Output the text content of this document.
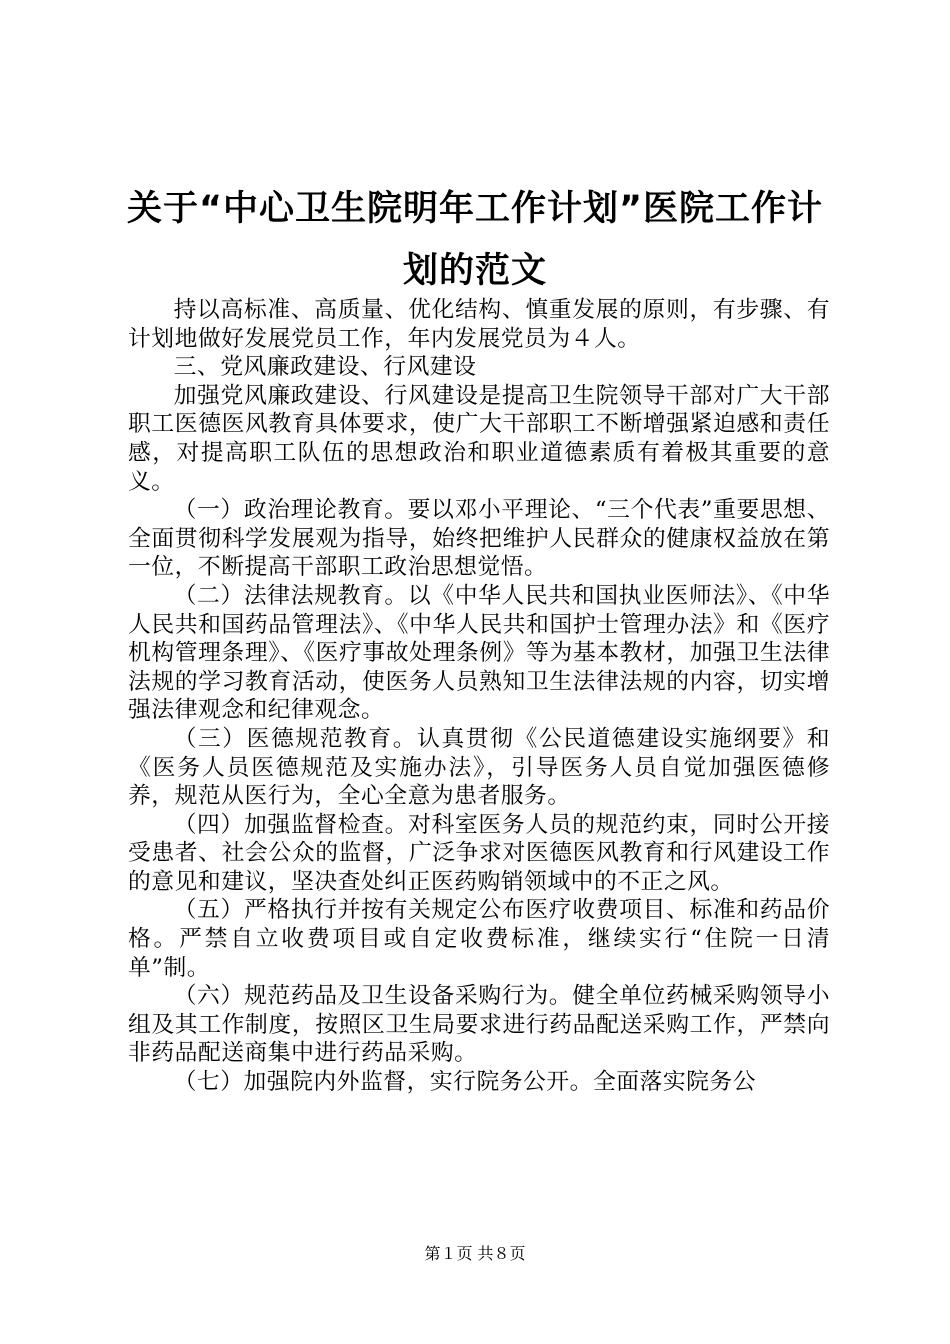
关于“中心卫生院明年工作计划”医院工作计划的范文

持以高标准、高质量、优化结构、慎重发展的原则，有步骤、有计划地做好发展党员工作，年内发展党员为４人。

三、党风廉政建设、行风建设

加强党风廉政建设、行风建设是提高卫生院领导干部对广大干部职工医德医风教育具体要求，使广大干部职工不断增强紧迫感和责任感，对提高职工队伍的思想政治和职业道德素质有着极其重要的意义。

（一）政治理论教育。要以邓小平理论、“三个代表”重要思想、全面贯彻科学发展观为指导，始终把维护人民群众的健康权益放在第一位，不断提高干部职工政治思想觉悟。

（二）法律法规教育。以《中华人民共和国执业医师法》、《中华人民共和国药品管理法》、《中华人民共和国护士管理办法》和《医疗机构管理条理》、《医疗事故处理条例》等为基本教材，加强卫生法律法规的学习教育活动，使医务人员熟知卫生法律法规的内容，切实增强法律观念和纪律观念。

（三）医德规范教育。认真贯彻《公民道德建设实施纲要》和《医务人员医德规范及实施办法》，引导医务人员自觉加强医德修养，规范从医行为，全心全意为患者服务。

（四）加强监督检查。对科室医务人员的规范约束，同时公开接受患者、社会公众的监督，广泛争求对医德医风教育和行风建设工作的意见和建议，坚决查处纠正医药购销领域中的不正之风。

（五）严格执行并按有关规定公布医疗收费项目、标准和药品价格。严禁自立收费项目或自定收费标准，继续实行“住院一日清单”制。

（六）规范药品及卫生设备采购行为。健全单位药械采购领导小组及其工作制度，按照区卫生局要求进行药品配送采购工作，严禁向非药品配送商集中进行药品采购。

（七）加强院内外监督，实行院务公开。全面落实院务公

第１页 共８页
